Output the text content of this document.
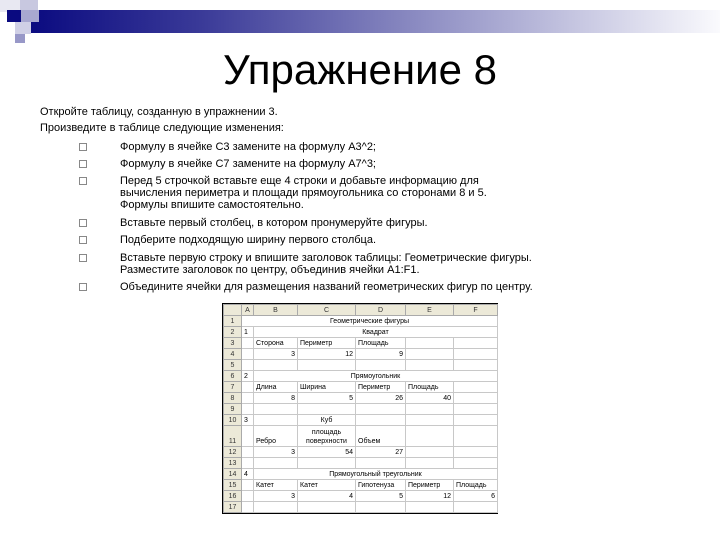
Упражнение 8
Откройте таблицу, созданную в упражнении 3.
Произведите в таблице следующие изменения:
Формулу в ячейке C3 замените на формулу A3^2;
Формулу в ячейке C7 замените на формулу A7^3;
Перед 5 строчкой вставьте еще 4 строки и добавьте информацию для
вычисления периметра и площади прямоугольника со сторонами 8 и 5.
Формулы впишите самостоятельно.
Вставьте первый столбец, в котором пронумеруйте фигуры.
Подберите подходящую ширину первого столбца.
Вставьте первую строку и впишите заголовок таблицы: Геометрические фигуры.
Разместите заголовок по центру, объединив ячейки A1:F1.
Объедините ячейки для размещения названий геометрических фигур по центру.
	A	B	C	D	E	F
1	Геометрические фигуры					
2	1	Квадрат				
3		Сторона	Периметр	Площадь		
4		3	12	9		
5						
6	2	Прямоугольник				
7		Длина	Ширина	Периметр	Площадь	
8		8	5	26	40	
9						
10	3		Куб			
11		Ребро	площадь поверхности	Объем		
12		3	54	27		
13						
14	4	Прямоугольный треугольник				
15		Катет	Катет	Гипотенуза	Периметр	Площадь
16		3	4	5	12	6
17						
